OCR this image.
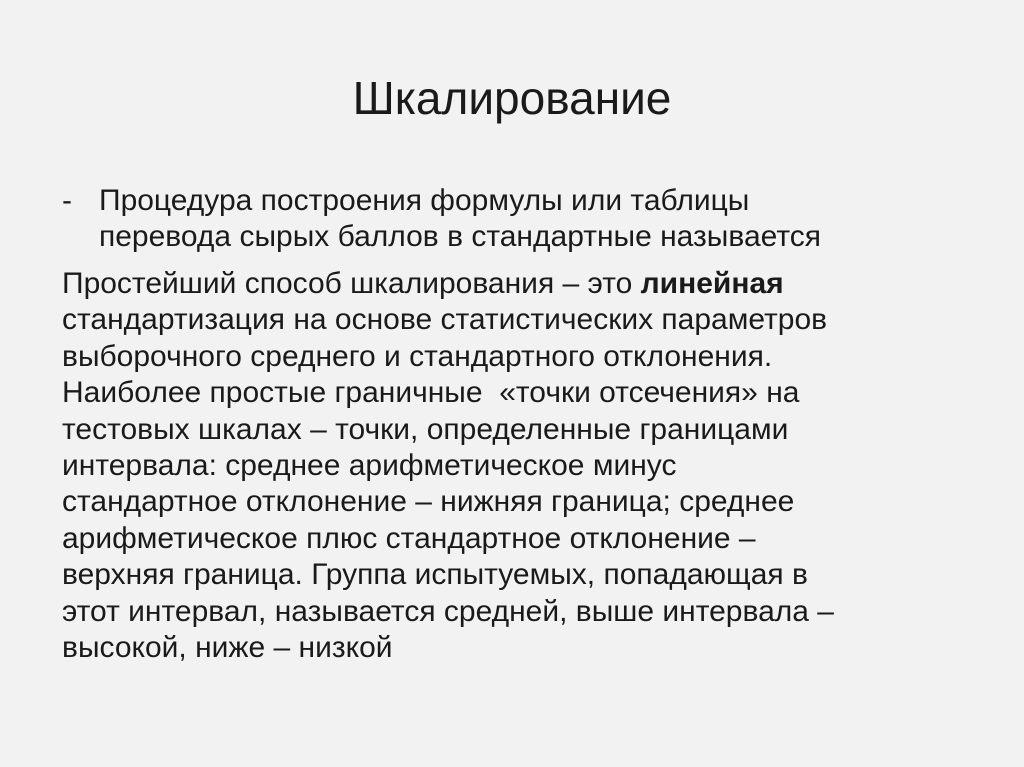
Шкалирование
- Процедура построения формулы или таблицы
перевода сырых баллов в стандартные называется
Простейший способ шкалирования – это линейная
стандартизация на основе статистических параметров
выборочного среднего и стандартного отклонения.
Наиболее простые граничные  «точки отсечения» на
тестовых шкалах – точки, определенные границами
интервала: среднее арифметическое минус
стандартное отклонение – нижняя граница; среднее
арифметическое плюс стандартное отклонение –
верхняя граница. Группа испытуемых, попадающая в
этот интервал, называется средней, выше интервала –
высокой, ниже – низкой
